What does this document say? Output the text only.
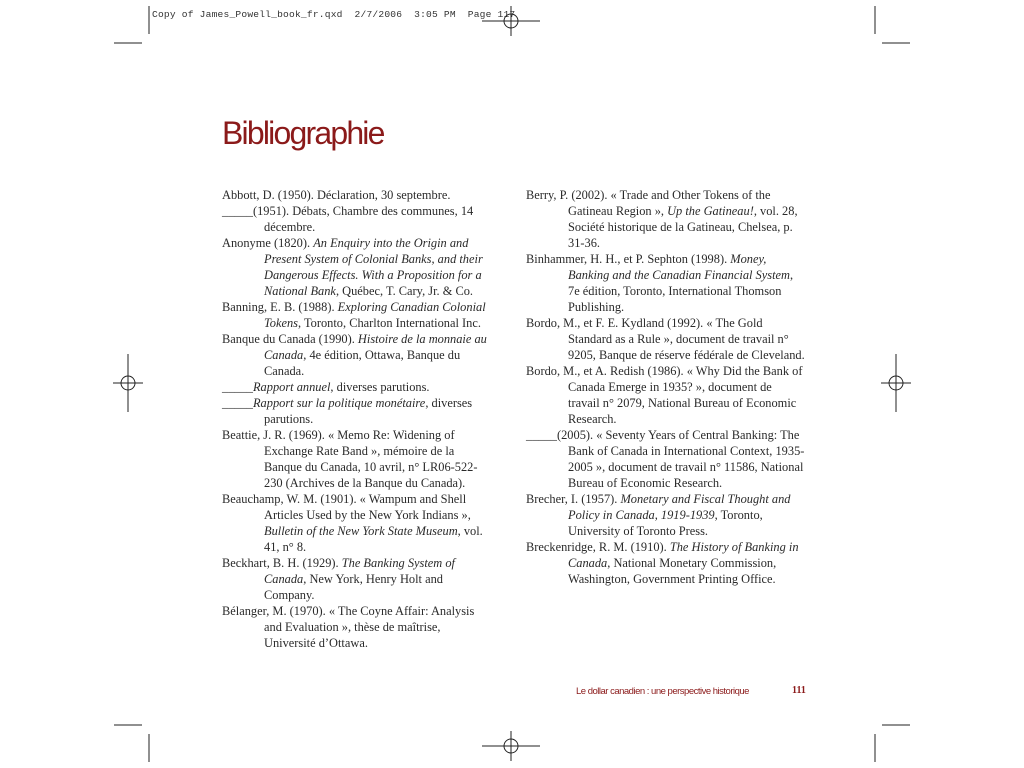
Copy of James_Powell_book_fr.qxd  2/7/2006  3:05 PM  Page 117
Bibliographie

Abbott, D. (1950). Déclaration, 30 septembre.

_____(1951). Débats, Chambre des communes, 14 décembre.

Anonyme (1820). An Enquiry into the Origin and Present System of Colonial Banks, and their Dangerous Effects. With a Proposition for a National Bank, Québec, T. Cary, Jr. & Co.

Banning, E. B. (1988). Exploring Canadian Colonial Tokens, Toronto, Charlton International Inc.

Banque du Canada (1990). Histoire de la monnaie au Canada, 4e édition, Ottawa, Banque du Canada.

_____Rapport annuel, diverses parutions.

_____Rapport sur la politique monétaire, diverses parutions.

Beattie, J. R. (1969). « Memo Re: Widening of Exchange Rate Band », mémoire de la Banque du Canada, 10 avril, n° LR06-522-230 (Archives de la Banque du Canada).

Beauchamp, W. M. (1901). « Wampum and Shell Articles Used by the New York Indians », Bulletin of the New York State Museum, vol. 41, n° 8.

Beckhart, B. H. (1929). The Banking System of Canada, New York, Henry Holt and Company.

Bélanger, M. (1970). « The Coyne Affair: Analysis and Evaluation », thèse de maîtrise, Université d’Ottawa.

Berry, P. (2002). « Trade and Other Tokens of the Gatineau Region », Up the Gatineau!, vol. 28, Société historique de la Gatineau, Chelsea, p. 31-36.

Binhammer, H. H., et P. Sephton (1998). Money, Banking and the Canadian Financial System, 7e édition, Toronto, International Thomson Publishing.

Bordo, M., et F. E. Kydland (1992). « The Gold Standard as a Rule », document de travail n° 9205, Banque de réserve fédérale de Cleveland.

Bordo, M., et A. Redish (1986). « Why Did the Bank of Canada Emerge in 1935? », document de travail n° 2079, National Bureau of Economic Research.

_____(2005). « Seventy Years of Central Banking: The Bank of Canada in International Context, 1935-2005 », document de travail n° 11586, National Bureau of Economic Research.

Brecher, I. (1957). Monetary and Fiscal Thought and Policy in Canada, 1919-1939, Toronto, University of Toronto Press.

Breckenridge, R. M. (1910). The History of Banking in Canada, National Monetary Commission, Washington, Government Printing Office.

Le dollar canadien : une perspective historique	111
